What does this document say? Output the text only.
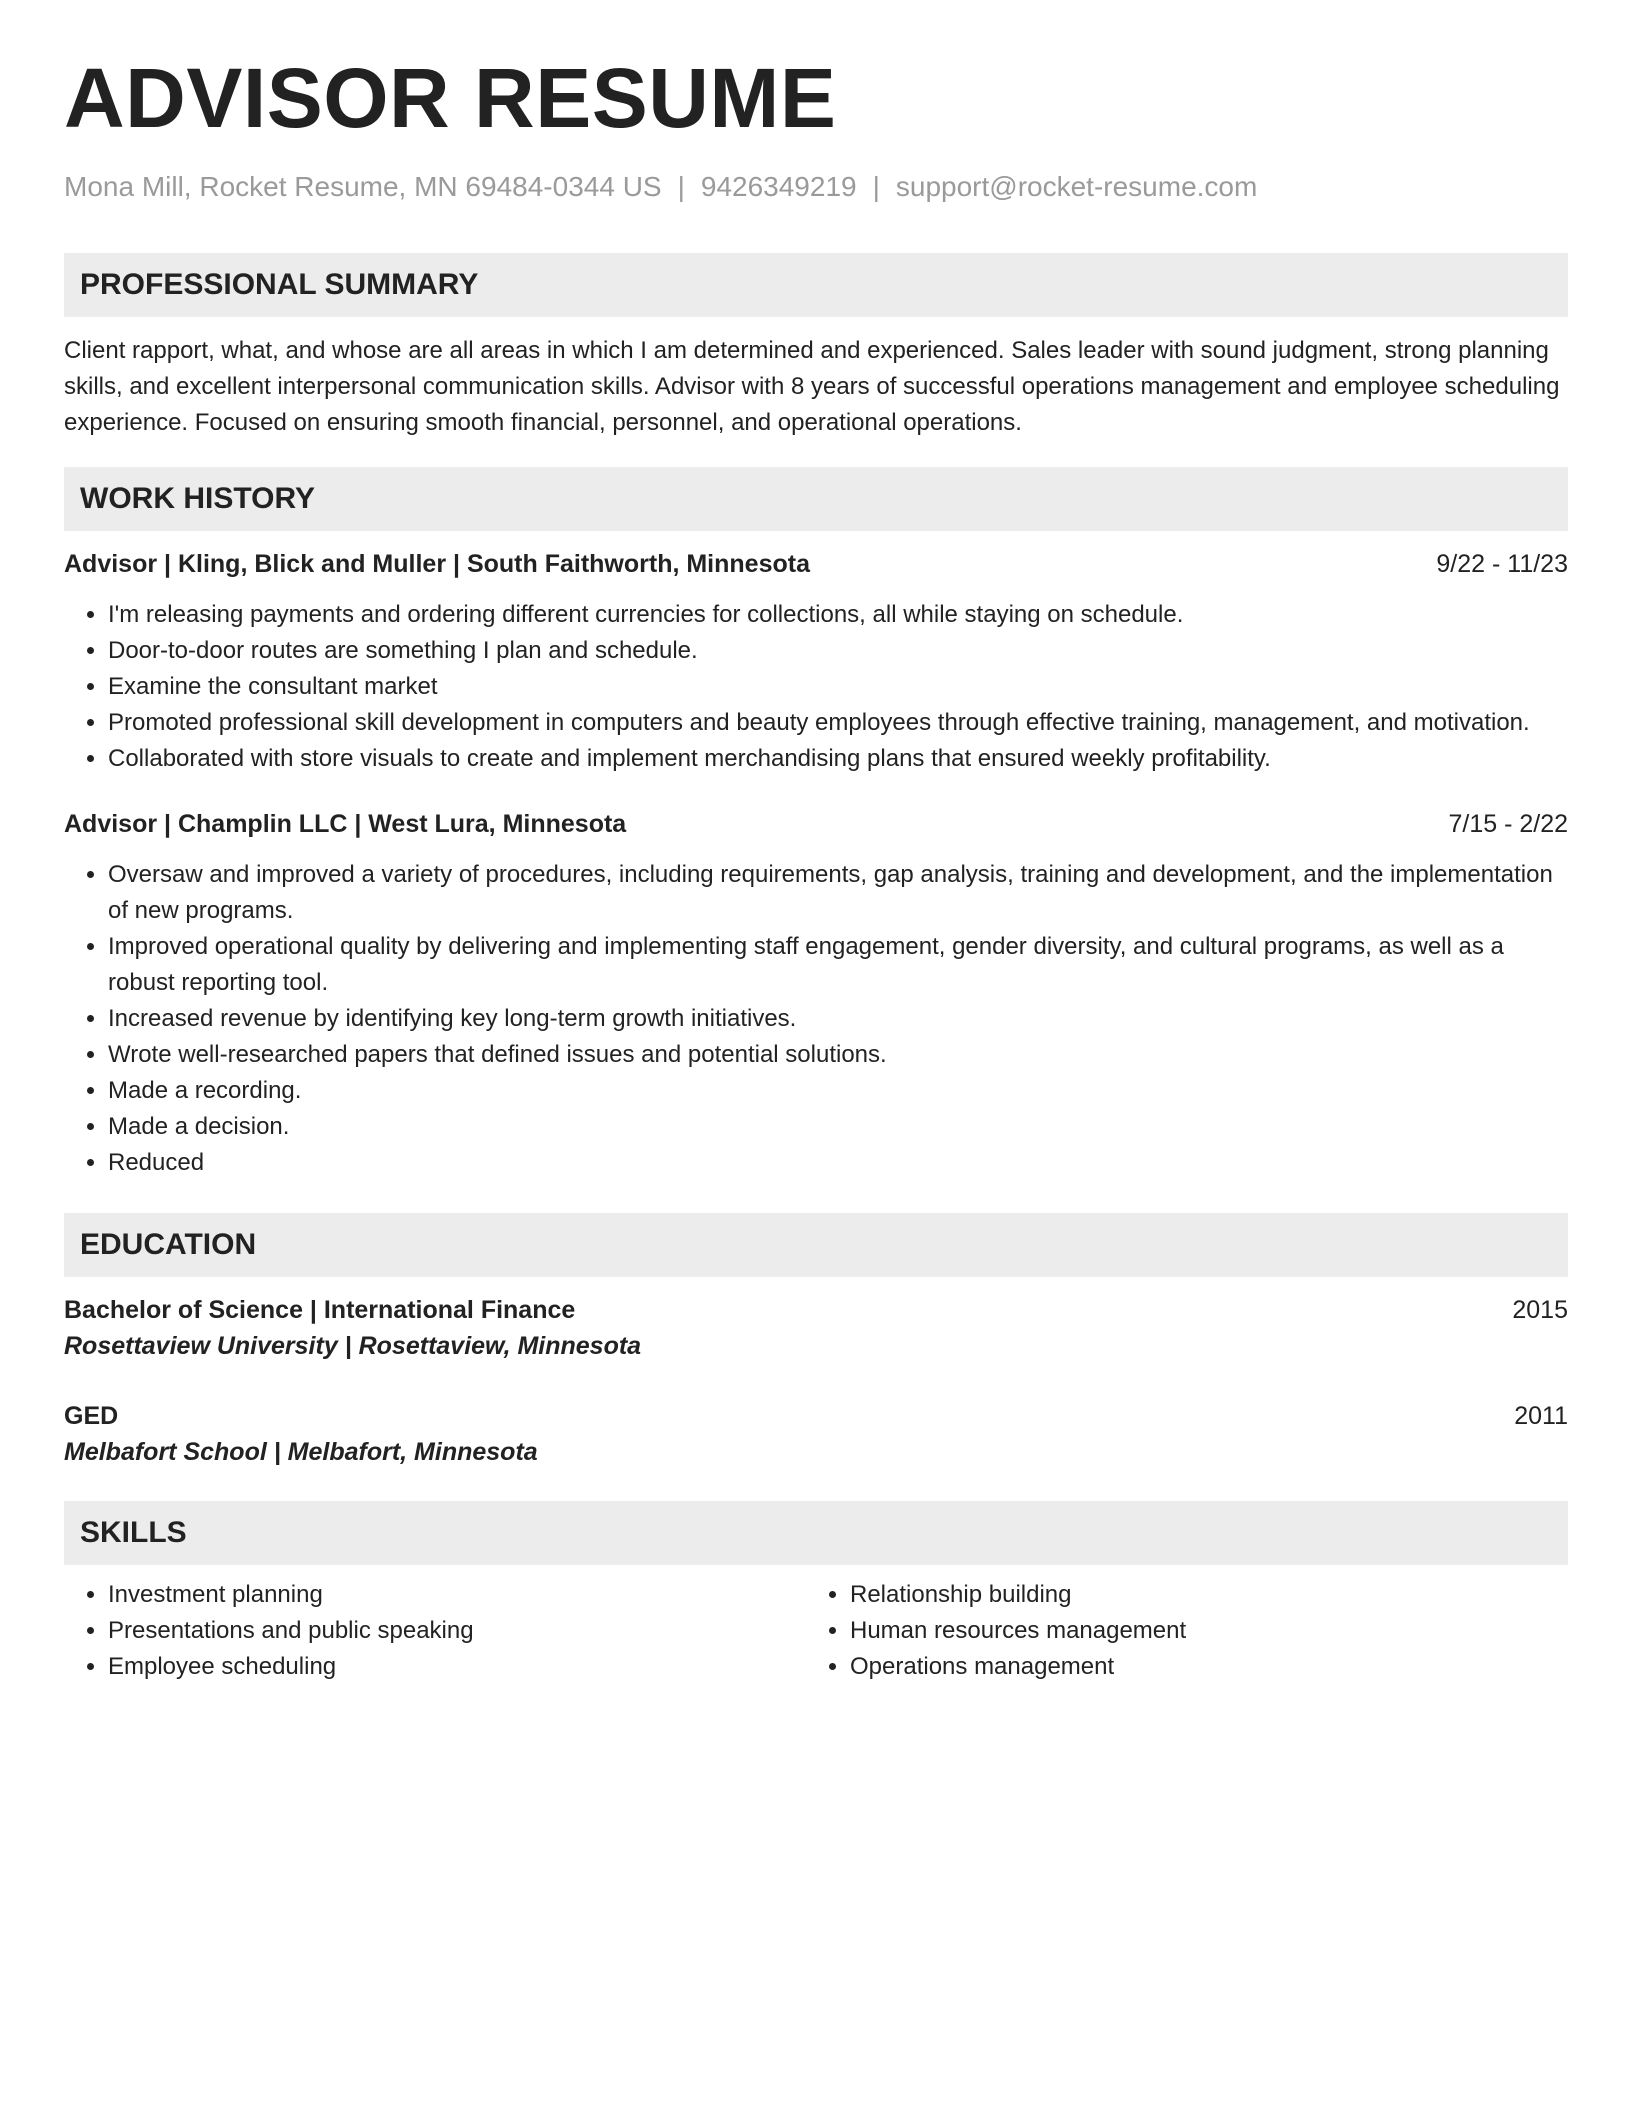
ADVISOR RESUME
Mona Mill, Rocket Resume, MN 69484-0344 US | 9426349219 | support@rocket-resume.com
PROFESSIONAL SUMMARY

Client rapport, what, and whose are all areas in which I am determined and experienced. Sales leader with sound judgment, strong planning skills, and excellent interpersonal communication skills. Advisor with 8 years of successful operations management and employee scheduling experience. Focused on ensuring smooth financial, personnel, and operational operations.

WORK HISTORY
Advisor | Kling, Blick and Muller | South Faithworth, Minnesota	9/22 - 11/23
• I'm releasing payments and ordering different currencies for collections, all while staying on schedule.
• Door-to-door routes are something I plan and schedule.
• Examine the consultant market
• Promoted professional skill development in computers and beauty employees through effective training, management, and motivation.
• Collaborated with store visuals to create and implement merchandising plans that ensured weekly profitability.
Advisor | Champlin LLC | West Lura, Minnesota	7/15 - 2/22
• Oversaw and improved a variety of procedures, including requirements, gap analysis, training and development, and the implementation of new programs.
• Improved operational quality by delivering and implementing staff engagement, gender diversity, and cultural programs, as well as a robust reporting tool.
• Increased revenue by identifying key long-term growth initiatives.
• Wrote well-researched papers that defined issues and potential solutions.
• Made a recording.
• Made a decision.
• Reduced
EDUCATION
Bachelor of Science | International Finance	2015
Rosettaview University | Rosettaview, Minnesota
GED	2011
Melbafort School | Melbafort, Minnesota
SKILLS
• Investment planning
• Presentations and public speaking
• Employee scheduling
• Relationship building
• Human resources management
• Operations management
